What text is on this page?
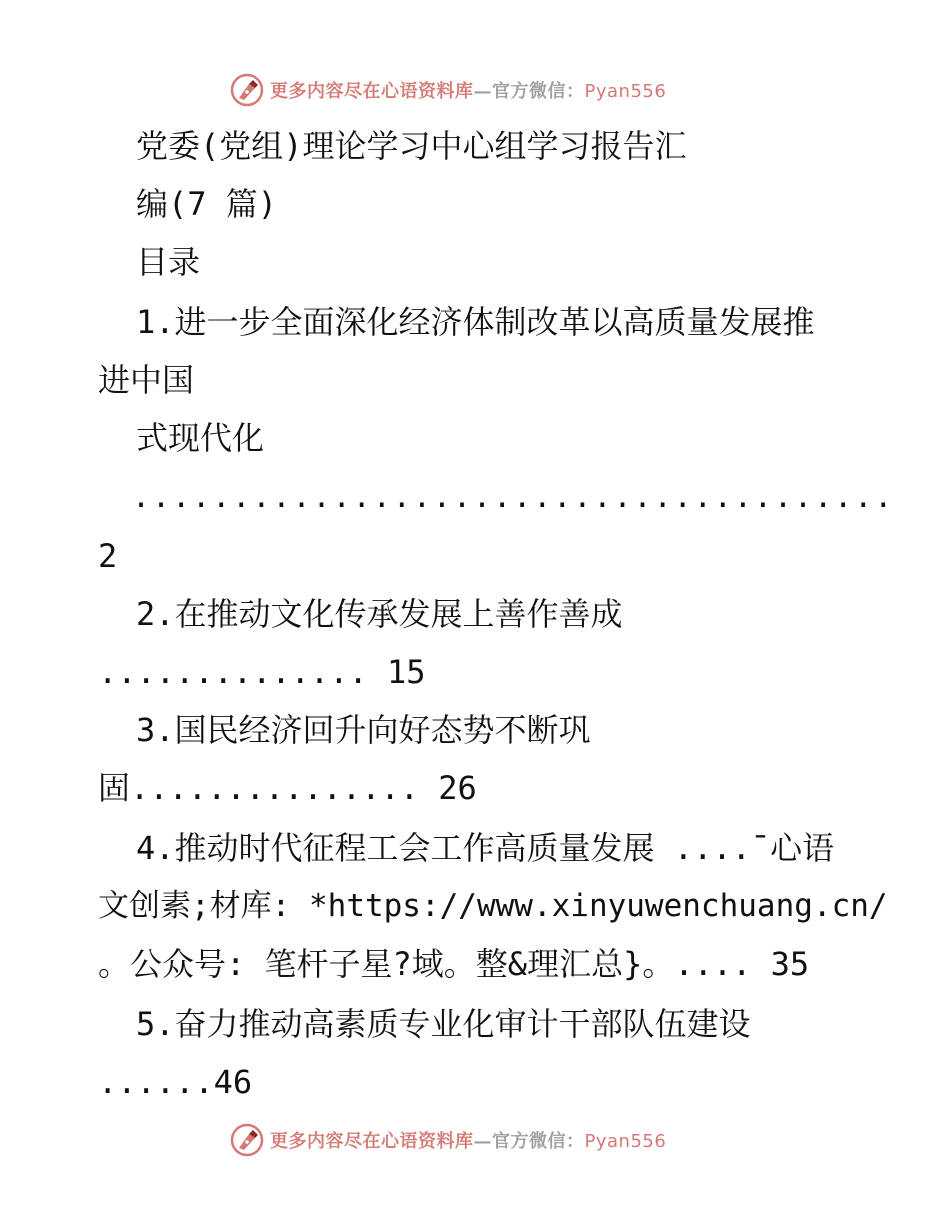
更多内容尽在心语资料库—官方微信：Pyan556
党委(党组)理论学习中心组学习报告汇
编(7 篇)
目录
1.进一步全面深化经济体制改革以高质量发展推
进中国
式现代化
......................................
2
2.在推动文化传承发展上善作善成
.............. 15
3.国民经济回升向好态势不断巩
固............... 26
4.推动时代征程工会工作高质量发展 ....¯心语
文创素;材库: *https://www.xinyuwenchuang.cn/
。公众号: 笔杆子星?域。整&理汇总}。.... 35
5.奋力推动高素质专业化审计干部队伍建设
......46
更多内容尽在心语资料库—官方微信：Pyan556
